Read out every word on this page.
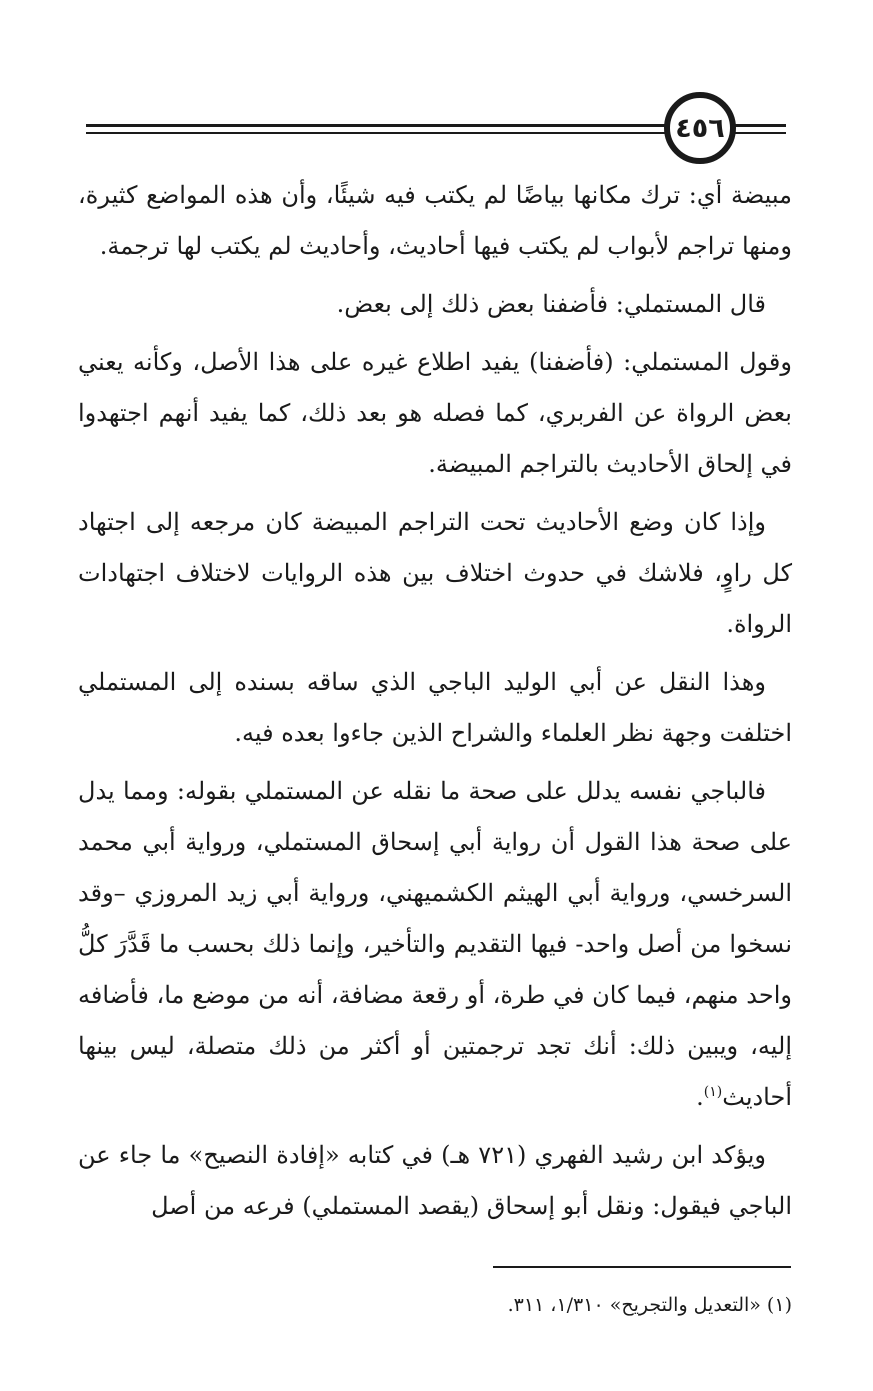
٤٥٦

مبيضة أي: ترك مكانها بياضًا لم يكتب فيه شيئًا، وأن هذه المواضع كثيرة، ومنها تراجم لأبواب لم يكتب فيها أحاديث، وأحاديث لم يكتب لها ترجمة.

قال المستملي: فأضفنا بعض ذلك إلى بعض.

وقول المستملي: (فأضفنا) يفيد اطلاع غيره على هذا الأصل، وكأنه يعني بعض الرواة عن الفربري، كما فصله هو بعد ذلك، كما يفيد أنهم اجتهدوا في إلحاق الأحاديث بالتراجم المبيضة.

وإذا كان وضع الأحاديث تحت التراجم المبيضة كان مرجعه إلى اجتهاد كل راوٍ، فلاشك في حدوث اختلاف بين هذه الروايات لاختلاف اجتهادات الرواة.

وهذا النقل عن أبي الوليد الباجي الذي ساقه بسنده إلى المستملي اختلفت وجهة نظر العلماء والشراح الذين جاءوا بعده فيه.

فالباجي نفسه يدلل على صحة ما نقله عن المستملي بقوله: ومما يدل على صحة هذا القول أن رواية أبي إسحاق المستملي، ورواية أبي محمد السرخسي، ورواية أبي الهيثم الكشميهني، ورواية أبي زيد المروزي –وقد نسخوا من أصل واحد- فيها التقديم والتأخير، وإنما ذلك بحسب ما قَدَّرَ كلُّ واحد منهم، فيما كان في طرة، أو رقعة مضافة، أنه من موضع ما، فأضافه إليه، ويبين ذلك: أنك تجد ترجمتين أو أكثر من ذلك متصلة، ليس بينها أحاديث$^{(١)}$.

ويؤكد ابن رشيد الفهري (٧٢١ هـ) في كتابه «إفادة النصيح» ما جاء عن الباجي فيقول: ونقل أبو إسحاق (يقصد المستملي) فرعه من أصل

(١) «التعديل والتجريح» ١/٣١٠، ٣١١.
